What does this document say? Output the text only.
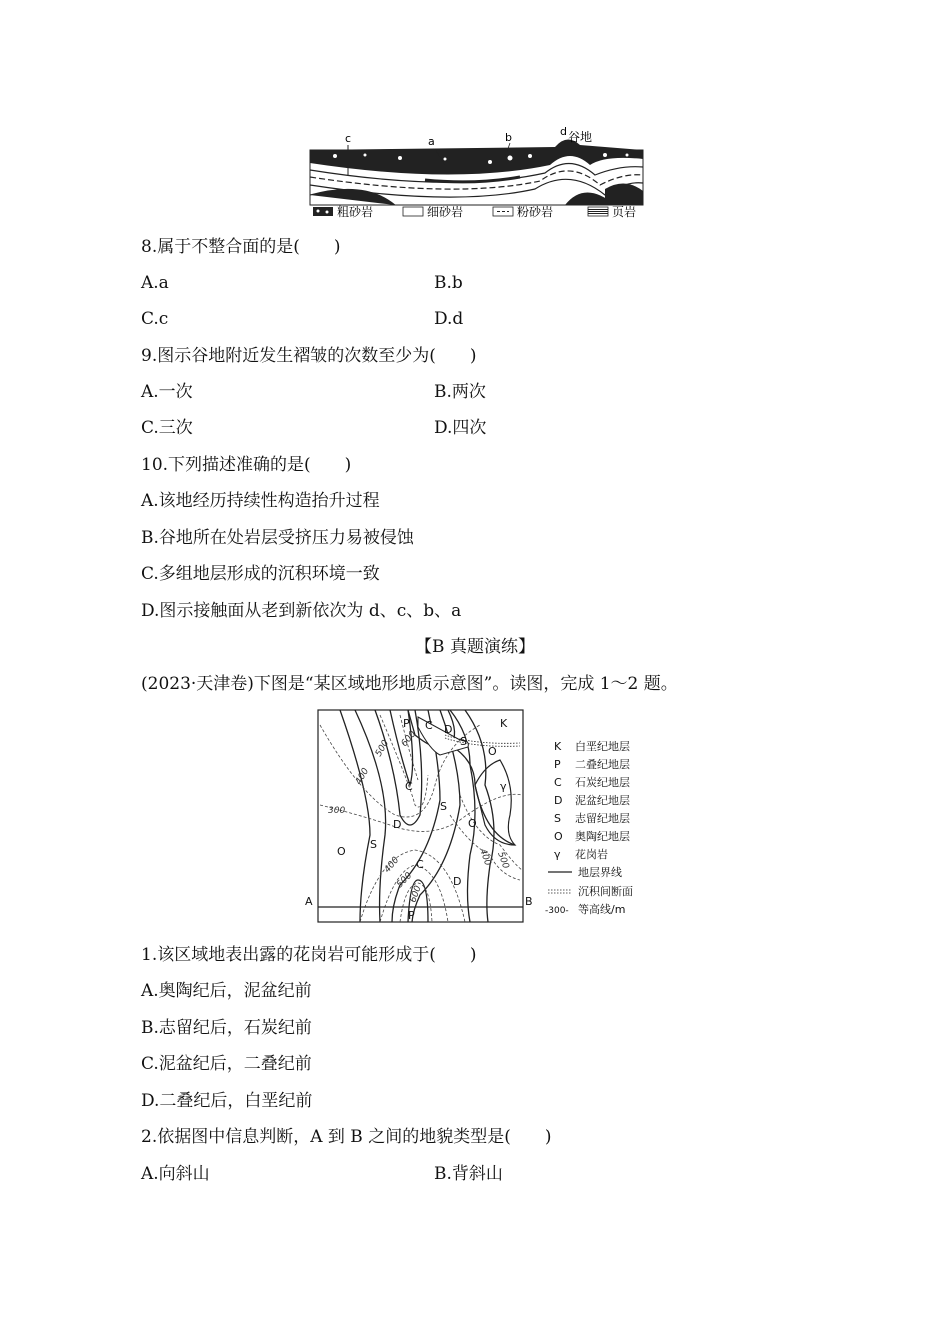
c	a	b	d 谷地
粗砂岩	细砂岩	粉砂岩	页岩
8.属于不整合面的是(　　)
A.a	B.b
C.c	D.d
9.图示谷地附近发生褶皱的次数至少为(　　)
A.一次	B.两次
C.三次	D.四次
10.下列描述准确的是(　　)
A.该地经历持续性构造抬升过程
B.谷地所在处岩层受挤压力易被侵蚀
C.多组地层形成的沉积环境一致
D.图示接触面从老到新依次为 d、c、b、a
【B 真题演练】
(2023·天津卷)下图是“某区域地形地质示意图”。读图，完成 1～2 题。
P C D
S
K
O
C
S
γ
D	O
O
S
C
D
P
A	B
600
500
400
300
400
500
600
400 500
K 白垩纪地层
P 二叠纪地层
C 石炭纪地层
D 泥盆纪地层
S 志留纪地层
O 奥陶纪地层
γ 花岗岩
地层界线
沉积间断面
-300- 等高线/m
1.该区域地表出露的花岗岩可能形成于(　　)
A.奥陶纪后，泥盆纪前
B.志留纪后，石炭纪前
C.泥盆纪后，二叠纪前
D.二叠纪后，白垩纪前
2.依据图中信息判断，A 到 B 之间的地貌类型是(　　)
A.向斜山	B.背斜山
